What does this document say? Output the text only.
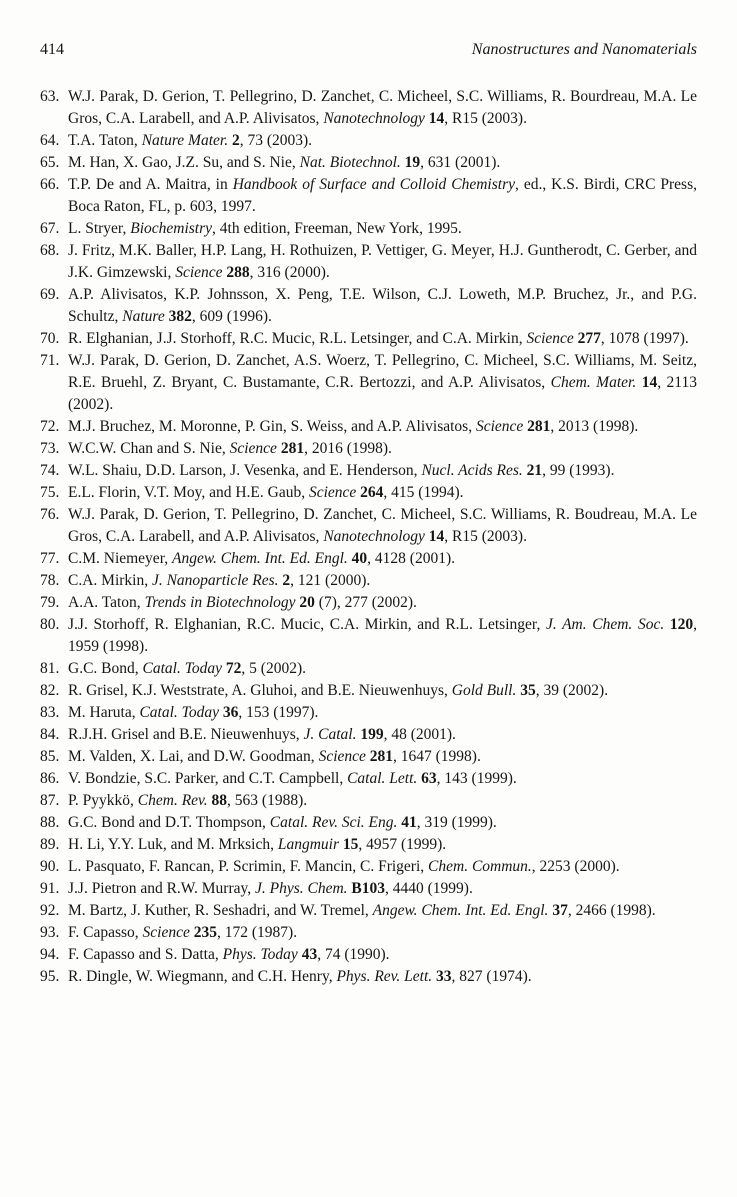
414	Nanostructures and Nanomaterials
63. W.J. Parak, D. Gerion, T. Pellegrino, D. Zanchet, C. Micheel, S.C. Williams, R. Bourdreau, M.A. Le Gros, C.A. Larabell, and A.P. Alivisatos, Nanotechnology 14, R15 (2003).
64. T.A. Taton, Nature Mater. 2, 73 (2003).
65. M. Han, X. Gao, J.Z. Su, and S. Nie, Nat. Biotechnol. 19, 631 (2001).
66. T.P. De and A. Maitra, in Handbook of Surface and Colloid Chemistry, ed., K.S. Birdi, CRC Press, Boca Raton, FL, p. 603, 1997.
67. L. Stryer, Biochemistry, 4th edition, Freeman, New York, 1995.
68. J. Fritz, M.K. Baller, H.P. Lang, H. Rothuizen, P. Vettiger, G. Meyer, H.J. Guntherodt, C. Gerber, and J.K. Gimzewski, Science 288, 316 (2000).
69. A.P. Alivisatos, K.P. Johnsson, X. Peng, T.E. Wilson, C.J. Loweth, M.P. Bruchez, Jr., and P.G. Schultz, Nature 382, 609 (1996).
70. R. Elghanian, J.J. Storhoff, R.C. Mucic, R.L. Letsinger, and C.A. Mirkin, Science 277, 1078 (1997).
71. W.J. Parak, D. Gerion, D. Zanchet, A.S. Woerz, T. Pellegrino, C. Micheel, S.C. Williams, M. Seitz, R.E. Bruehl, Z. Bryant, C. Bustamante, C.R. Bertozzi, and A.P. Alivisatos, Chem. Mater. 14, 2113 (2002).
72. M.J. Bruchez, M. Moronne, P. Gin, S. Weiss, and A.P. Alivisatos, Science 281, 2013 (1998).
73. W.C.W. Chan and S. Nie, Science 281, 2016 (1998).
74. W.L. Shaiu, D.D. Larson, J. Vesenka, and E. Henderson, Nucl. Acids Res. 21, 99 (1993).
75. E.L. Florin, V.T. Moy, and H.E. Gaub, Science 264, 415 (1994).
76. W.J. Parak, D. Gerion, T. Pellegrino, D. Zanchet, C. Micheel, S.C. Williams, R. Boudreau, M.A. Le Gros, C.A. Larabell, and A.P. Alivisatos, Nanotechnology 14, R15 (2003).
77. C.M. Niemeyer, Angew. Chem. Int. Ed. Engl. 40, 4128 (2001).
78. C.A. Mirkin, J. Nanoparticle Res. 2, 121 (2000).
79. A.A. Taton, Trends in Biotechnology 20 (7), 277 (2002).
80. J.J. Storhoff, R. Elghanian, R.C. Mucic, C.A. Mirkin, and R.L. Letsinger, J. Am. Chem. Soc. 120, 1959 (1998).
81. G.C. Bond, Catal. Today 72, 5 (2002).
82. R. Grisel, K.J. Weststrate, A. Gluhoi, and B.E. Nieuwenhuys, Gold Bull. 35, 39 (2002).
83. M. Haruta, Catal. Today 36, 153 (1997).
84. R.J.H. Grisel and B.E. Nieuwenhuys, J. Catal. 199, 48 (2001).
85. M. Valden, X. Lai, and D.W. Goodman, Science 281, 1647 (1998).
86. V. Bondzie, S.C. Parker, and C.T. Campbell, Catal. Lett. 63, 143 (1999).
87. P. Pyykkö, Chem. Rev. 88, 563 (1988).
88. G.C. Bond and D.T. Thompson, Catal. Rev. Sci. Eng. 41, 319 (1999).
89. H. Li, Y.Y. Luk, and M. Mrksich, Langmuir 15, 4957 (1999).
90. L. Pasquato, F. Rancan, P. Scrimin, F. Mancin, C. Frigeri, Chem. Commun., 2253 (2000).
91. J.J. Pietron and R.W. Murray, J. Phys. Chem. B103, 4440 (1999).
92. M. Bartz, J. Kuther, R. Seshadri, and W. Tremel, Angew. Chem. Int. Ed. Engl. 37, 2466 (1998).
93. F. Capasso, Science 235, 172 (1987).
94. F. Capasso and S. Datta, Phys. Today 43, 74 (1990).
95. R. Dingle, W. Wiegmann, and C.H. Henry, Phys. Rev. Lett. 33, 827 (1974).
